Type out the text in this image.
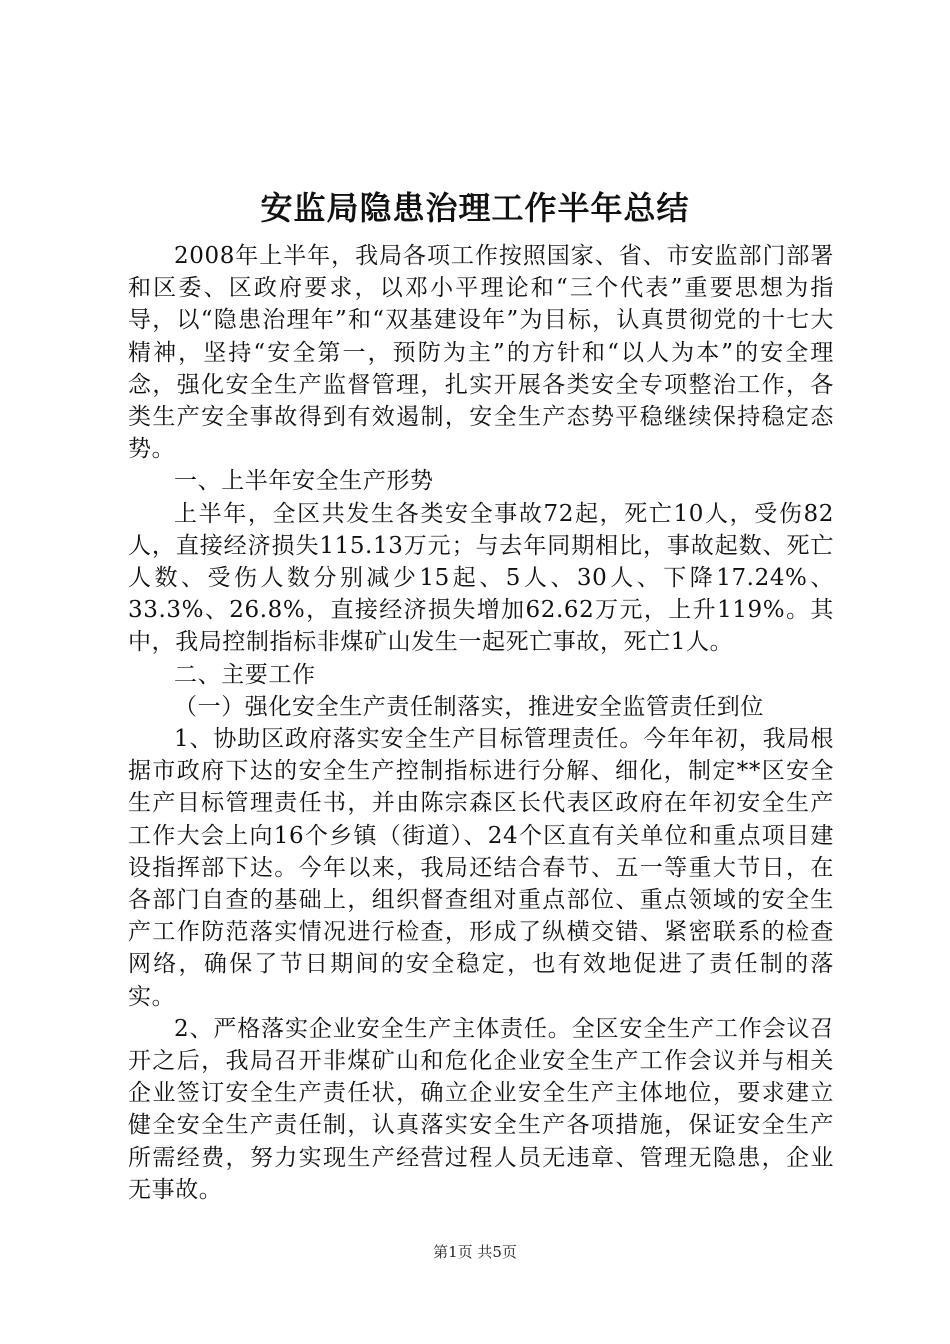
安监局隐患治理工作半年总结

2008年上半年，我局各项工作按照国家、省、市安监部门部署和区委、区政府要求，以邓小平理论和“三个代表”重要思想为指导，以“隐患治理年”和“双基建设年”为目标，认真贯彻党的十七大精神，坚持“安全第一，预防为主”的方针和“以人为本”的安全理念，强化安全生产监督管理，扎实开展各类安全专项整治工作，各类生产安全事故得到有效遏制，安全生产态势平稳继续保持稳定态势。

一、上半年安全生产形势

上半年，全区共发生各类安全事故72起，死亡10人，受伤82人，直接经济损失115.13万元；与去年同期相比，事故起数、死亡人数、受伤人数分别减少15起、5人、30人、下降17.24%、33.3%、26.8%，直接经济损失增加62.62万元，上升119%。其中，我局控制指标非煤矿山发生一起死亡事故，死亡1人。

二、主要工作

（一）强化安全生产责任制落实，推进安全监管责任到位

1、协助区政府落实安全生产目标管理责任。今年年初，我局根据市政府下达的安全生产控制指标进行分解、细化，制定**区安全生产目标管理责任书，并由陈宗森区长代表区政府在年初安全生产工作大会上向16个乡镇（街道）、24个区直有关单位和重点项目建设指挥部下达。今年以来，我局还结合春节、五一等重大节日，在各部门自查的基础上，组织督查组对重点部位、重点领域的安全生产工作防范落实情况进行检查，形成了纵横交错、紧密联系的检查网络，确保了节日期间的安全稳定，也有效地促进了责任制的落实。

2、严格落实企业安全生产主体责任。全区安全生产工作会议召开之后，我局召开非煤矿山和危化企业安全生产工作会议并与相关企业签订安全生产责任状，确立企业安全生产主体地位，要求建立健全安全生产责任制，认真落实安全生产各项措施，保证安全生产所需经费，努力实现生产经营过程人员无违章、管理无隐患，企业无事故。

第1页 共5页
